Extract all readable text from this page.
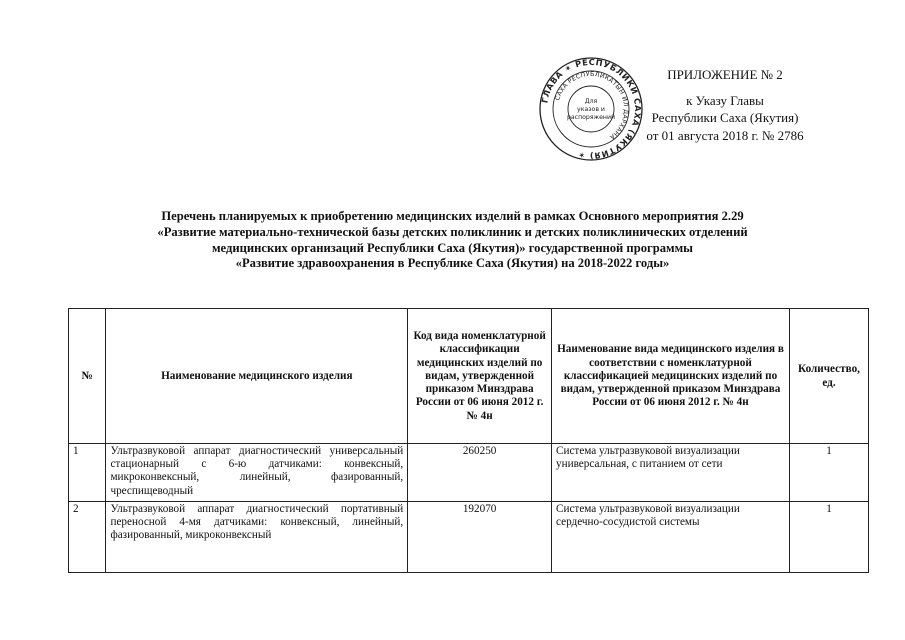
ГЛАВА ✶ РЕСПУБЛИКИ САХА (ЯКУТИЯ) ✶
САХА РЕСПУБЛИКАТЫН ИЛ ДАРХАНА
Для
указов и
распоряжений
ПРИЛОЖЕНИЕ № 2
к Указу Главы
Республики Саха (Якутия)
от 01 августа 2018 г. № 2786
Перечень планируемых к приобретению медицинских изделий в рамках Основного мероприятия 2.29
«Развитие материально-технической базы детских поликлиник и детских поликлинических отделений
медицинских организаций Республики Саха (Якутия)» государственной программы
«Развитие здравоохранения в Республике Саха (Якутия) на 2018-2022 годы»
№	Наименование медицинского изделия	Код вида номенклатурной классификации медицинских изделий по видам, утвержденной приказом Минздрава России от 06 июня 2012 г. № 4н	Наименование вида медицинского изделия в соответствии с номенклатурной классификацией медицинских изделий по видам, утвержденной приказом Минздрава России от 06 июня 2012 г. № 4н	Количество, ед.
1	Ультразвуковой аппарат диагностический универсальный стационарный с 6-ю датчиками: конвексный, микроконвексный, линейный, фазированный, чреспищеводный	260250	Система ультразвуковой визуализации универсальная, с питанием от сети	1
2	Ультразвуковой аппарат диагностический портативный переносной 4-мя датчиками: конвексный, линейный, фазированный, микроконвексный	192070	Система ультразвуковой визуализации сердечно-сосудистой системы	1
